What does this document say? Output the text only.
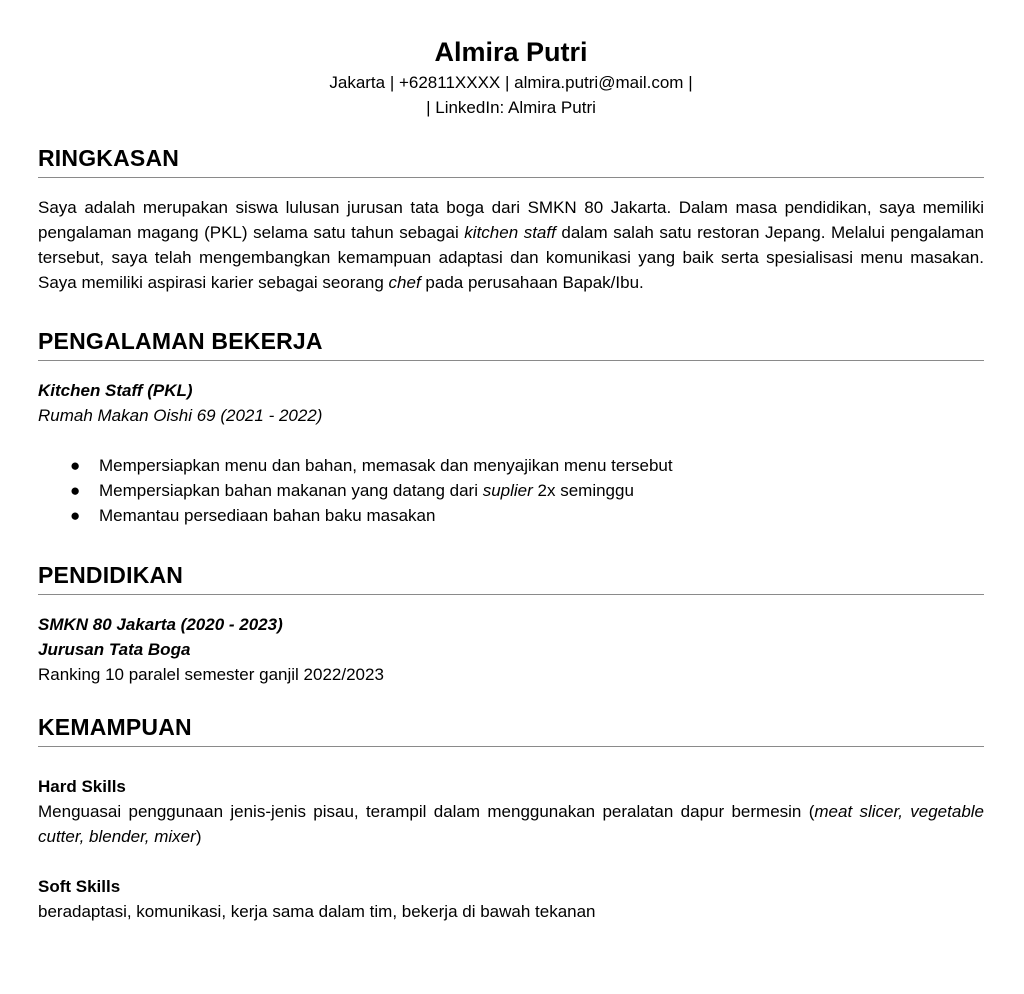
Almira Putri

Jakarta | +62811XXXX | almira.putri@mail.com |

| LinkedIn: Almira Putri

RINGKASAN

Saya adalah merupakan siswa lulusan jurusan tata boga dari SMKN 80 Jakarta. Dalam masa pendidikan, saya memiliki pengalaman magang (PKL) selama satu tahun sebagai kitchen staff dalam salah satu restoran Jepang. Melalui pengalaman tersebut, saya telah mengembangkan kemampuan adaptasi dan komunikasi yang baik serta spesialisasi menu masakan. Saya memiliki aspirasi karier sebagai seorang chef pada perusahaan Bapak/Ibu.

PENGALAMAN BEKERJA

Kitchen Staff (PKL)

Rumah Makan Oishi 69 (2021 - 2022)

● Mempersiapkan menu dan bahan, memasak dan menyajikan menu tersebut
● Mempersiapkan bahan makanan yang datang dari suplier 2x seminggu
● Memantau persediaan bahan baku masakan
PENDIDIKAN

SMKN 80 Jakarta (2020 - 2023)

Jurusan Tata Boga

Ranking 10 paralel semester ganjil 2022/2023

KEMAMPUAN

Hard Skills

Menguasai penggunaan jenis-jenis pisau, terampil dalam menggunakan peralatan dapur bermesin (meat slicer, vegetable cutter, blender, mixer)

Soft Skills

beradaptasi, komunikasi, kerja sama dalam tim, bekerja di bawah tekanan
